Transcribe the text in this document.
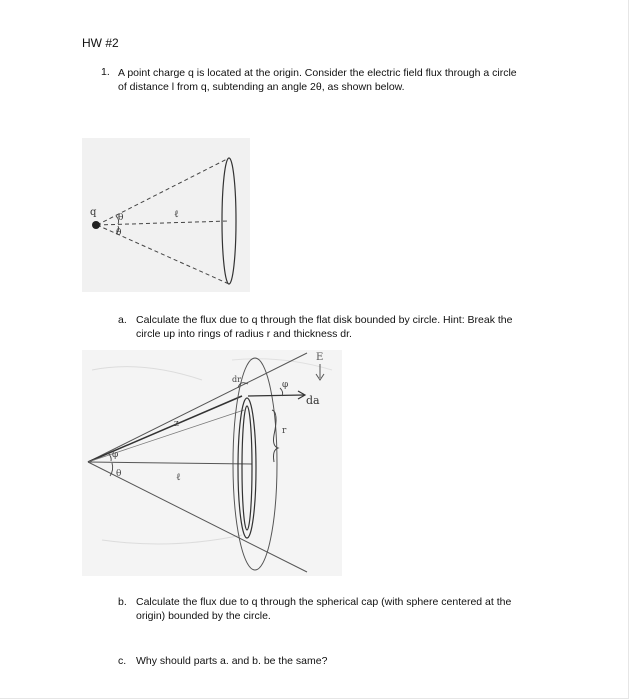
HW #2
1. A point charge q is located at the origin. Consider the electric field flux through a circle
of distance l from q, subtending an angle 2θ, as shown below.
q θ
θ
ℓ
a. Calculate the flux due to q through the flat disk bounded by circle. Hint: Break the
circle up into rings of radius r and thickness dr.
E
dr
φ
da
r
z
φ
θ	ℓ
b. Calculate the flux due to q through the spherical cap (with sphere centered at the
origin) bounded by the circle.
c. Why should parts a. and b. be the same?
